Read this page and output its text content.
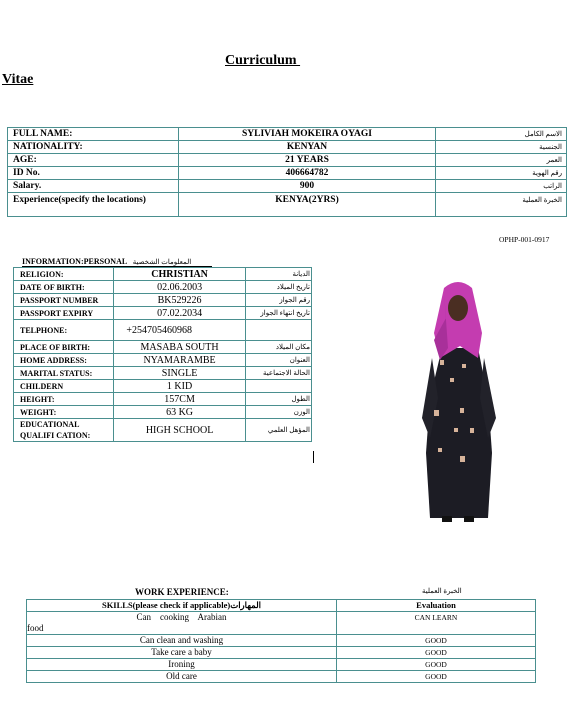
Curriculum
Vitae
FULL NAME:	SYLIVIAH MOKEIRA OYAGI	الاسم الكامل
NATIONALITY:	KENYAN	الجنسية
AGE:	21 YEARS	العمر
ID No.	406664782	رقم الهوية
Salary.	900	الراتب
Experience(specify the locations)	KENYA(2YRS)	الخبرة العملية
OPHP-001-0917
INFORMATION:PERSONAL المعلومات الشخصية
RELIGION:	CHRISTIAN	الديانة
DATE OF BIRTH:	02.06.2003	تاريخ الميلاد
PASSPORT NUMBER	BK529226	رقم الجواز
PASSPORT EXPIRY	07.02.2034	تاريخ انتهاء الجواز
TELPHONE:	+254705460968	
PLACE OF BIRTH:	MASABA SOUTH	مكان الميلاد
HOME ADDRESS:	NYAMARAMBE	العنوان
MARITAL STATUS:	SINGLE	الحالة الاجتماعية
CHILDERN	1 KID	
HEIGHT:	157CM	الطول
WEIGHT:	63 KG	الوزن
EDUCATIONAL QUALIFI CATION:	HIGH SCHOOL	المؤهل العلمي
WORK EXPERIENCE:	الخبرة العملية
SKILLS(please check if applicable)المهارات	Evaluation

Can    cooking    Arabian
food	CAN LEARN

Can clean and washing	GOOD

Take care a baby	GOOD

Ironing	GOOD

Old care	GOOD
